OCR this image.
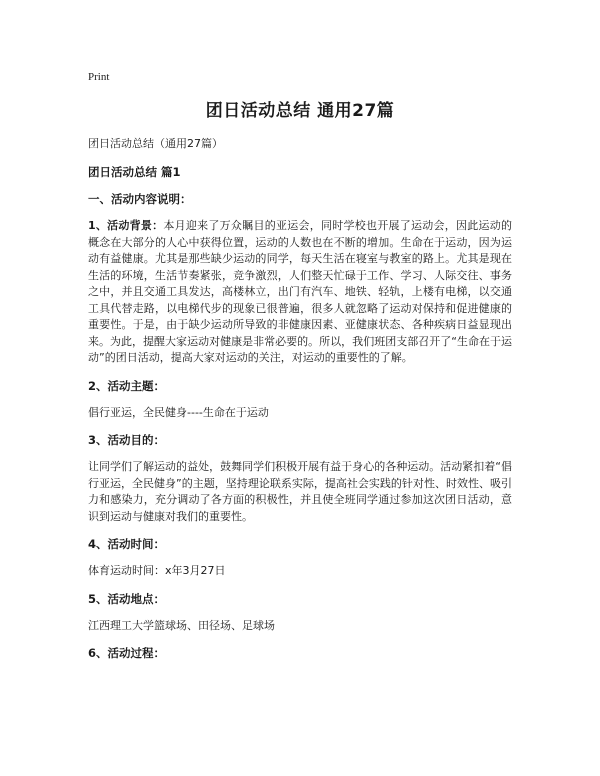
Print
团日活动总结 通用27篇
团日活动总结（通用27篇）
团日活动总结 篇1
一、活动内容说明：

1、活动背景：本月迎来了万众瞩目的亚运会，同时学校也开展了运动会，因此运动的概念在大部分的人心中获得位置，运动的人数也在不断的增加。生命在于运动，因为运动有益健康。尤其是那些缺少运动的同学，每天生活在寝室与教室的路上。尤其是现在生活的环境，生活节奏紧张，竞争激烈，人们整天忙碌于工作、学习、人际交往、事务之中，并且交通工具发达，高楼林立，出门有汽车、地铁、轻轨，上楼有电梯，以交通工具代替走路，以电梯代步的现象已很普遍，很多人就忽略了运动对保持和促进健康的重要性。于是，由于缺少运动所导致的非健康因素、亚健康状态、各种疾病日益显现出来。为此，提醒大家运动对健康是非常必要的。所以，我们班团支部召开了“生命在于运动”的团日活动，提高大家对运动的关注，对运动的重要性的了解。

2、活动主题：

倡行亚运，全民健身----生命在于运动

3、活动目的：

让同学们了解运动的益处，鼓舞同学们积极开展有益于身心的各种运动。活动紧扣着“倡行亚运，全民健身”的主题，坚持理论联系实际，提高社会实践的针对性、时效性、吸引力和感染力，充分调动了各方面的积极性，并且使全班同学通过参加这次团日活动，意识到运动与健康对我们的重要性。

4、活动时间：

体育运动时间：x年3月27日

5、活动地点：

江西理工大学篮球场、田径场、足球场

6、活动过程：
